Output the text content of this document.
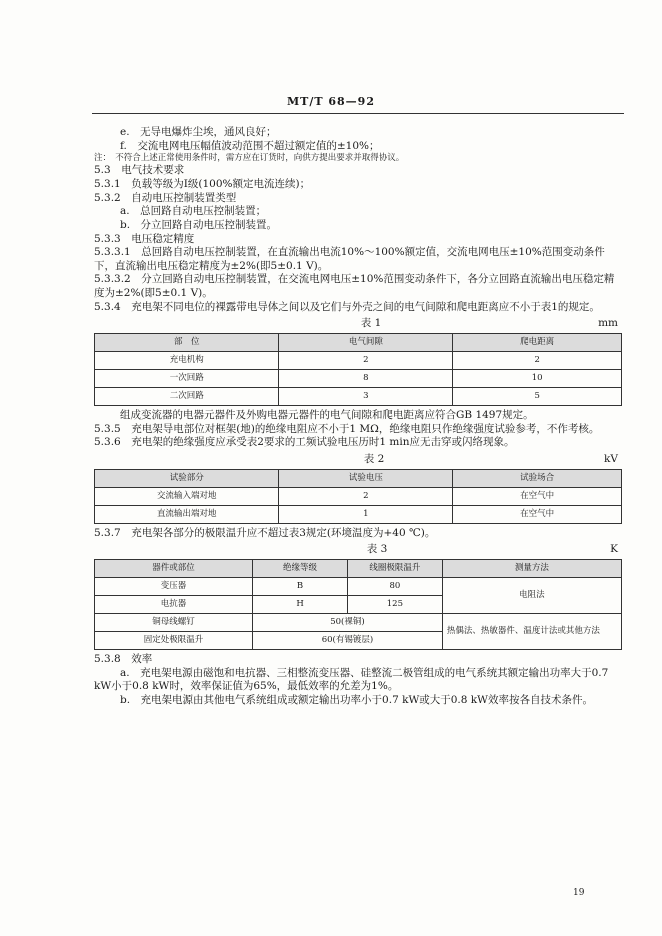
MT/T 68—92

e.　无导电爆炸尘埃，通风良好；

f.　交流电网电压幅值波动范围不超过额定值的±10%；

注：　不符合上述正常使用条件时，需方应在订货时，向供方提出要求并取得协议。

5.3　电气技术要求

5.3.1　负载等级为Ⅰ级(100%额定电流连续)；

5.3.2　自动电压控制装置类型

a.　总回路自动电压控制装置；

b.　分立回路自动电压控制装置。

5.3.3　电压稳定精度

5.3.3.1　总回路自动电压控制装置，在直流输出电流10%～100%额定值，交流电网电压±10%范围变动条件下，直流输出电压稳定精度为±2%(即5±0.1 V)。

5.3.3.2　分立回路自动电压控制装置，在交流电网电压±10%范围变动条件下，各分立回路直流输出电压稳定精度为±2%(即5±0.1 V)。

5.3.4　充电架不同电位的裸露带电导体之间以及它们与外壳之间的电气间隙和爬电距离应不小于表1的规定。

表 1	mm
部　位	电气间隙	爬电距离
充电机构	2	2
一次回路	8	10
二次回路	3	5

组成变流器的电器元器件及外购电器元器件的电气间隙和爬电距离应符合GB 1497规定。

5.3.5　充电架导电部位对框架(地)的绝缘电阻应不小于1 MΩ，绝缘电阻只作绝缘强度试验参考，不作考核。

5.3.6　充电架的绝缘强度应承受表2要求的工频试验电压历时1 min应无击穿或闪络现象。

表 2	kV
试验部分	试验电压	试验场合
交流输入端对地	2	在空气中
直流输出端对地	1	在空气中

5.3.7　充电架各部分的极限温升应不超过表3规定(环境温度为+40 ℃)。

表 3	K
器件或部位	绝缘等级	线圈极限温升	测量方法
变压器	B	80	电阻法
电抗器	H	125	
铜母线螺钉	50(裸铜)		热偶法、热敏器件、温度计法或其他方法
固定处极限温升	60(有锡镀层)		

5.3.8　效率

a.　充电架电源由磁饱和电抗器、三相整流变压器、硅整流二极管组成的电气系统其额定输出功率大于0.7 kW小于0.8 kW时，效率保证值为65%，最低效率的允差为1%。

b.　充电架电源由其他电气系统组成或额定输出功率小于0.7 kW或大于0.8 kW效率按各自技术条件。

19
